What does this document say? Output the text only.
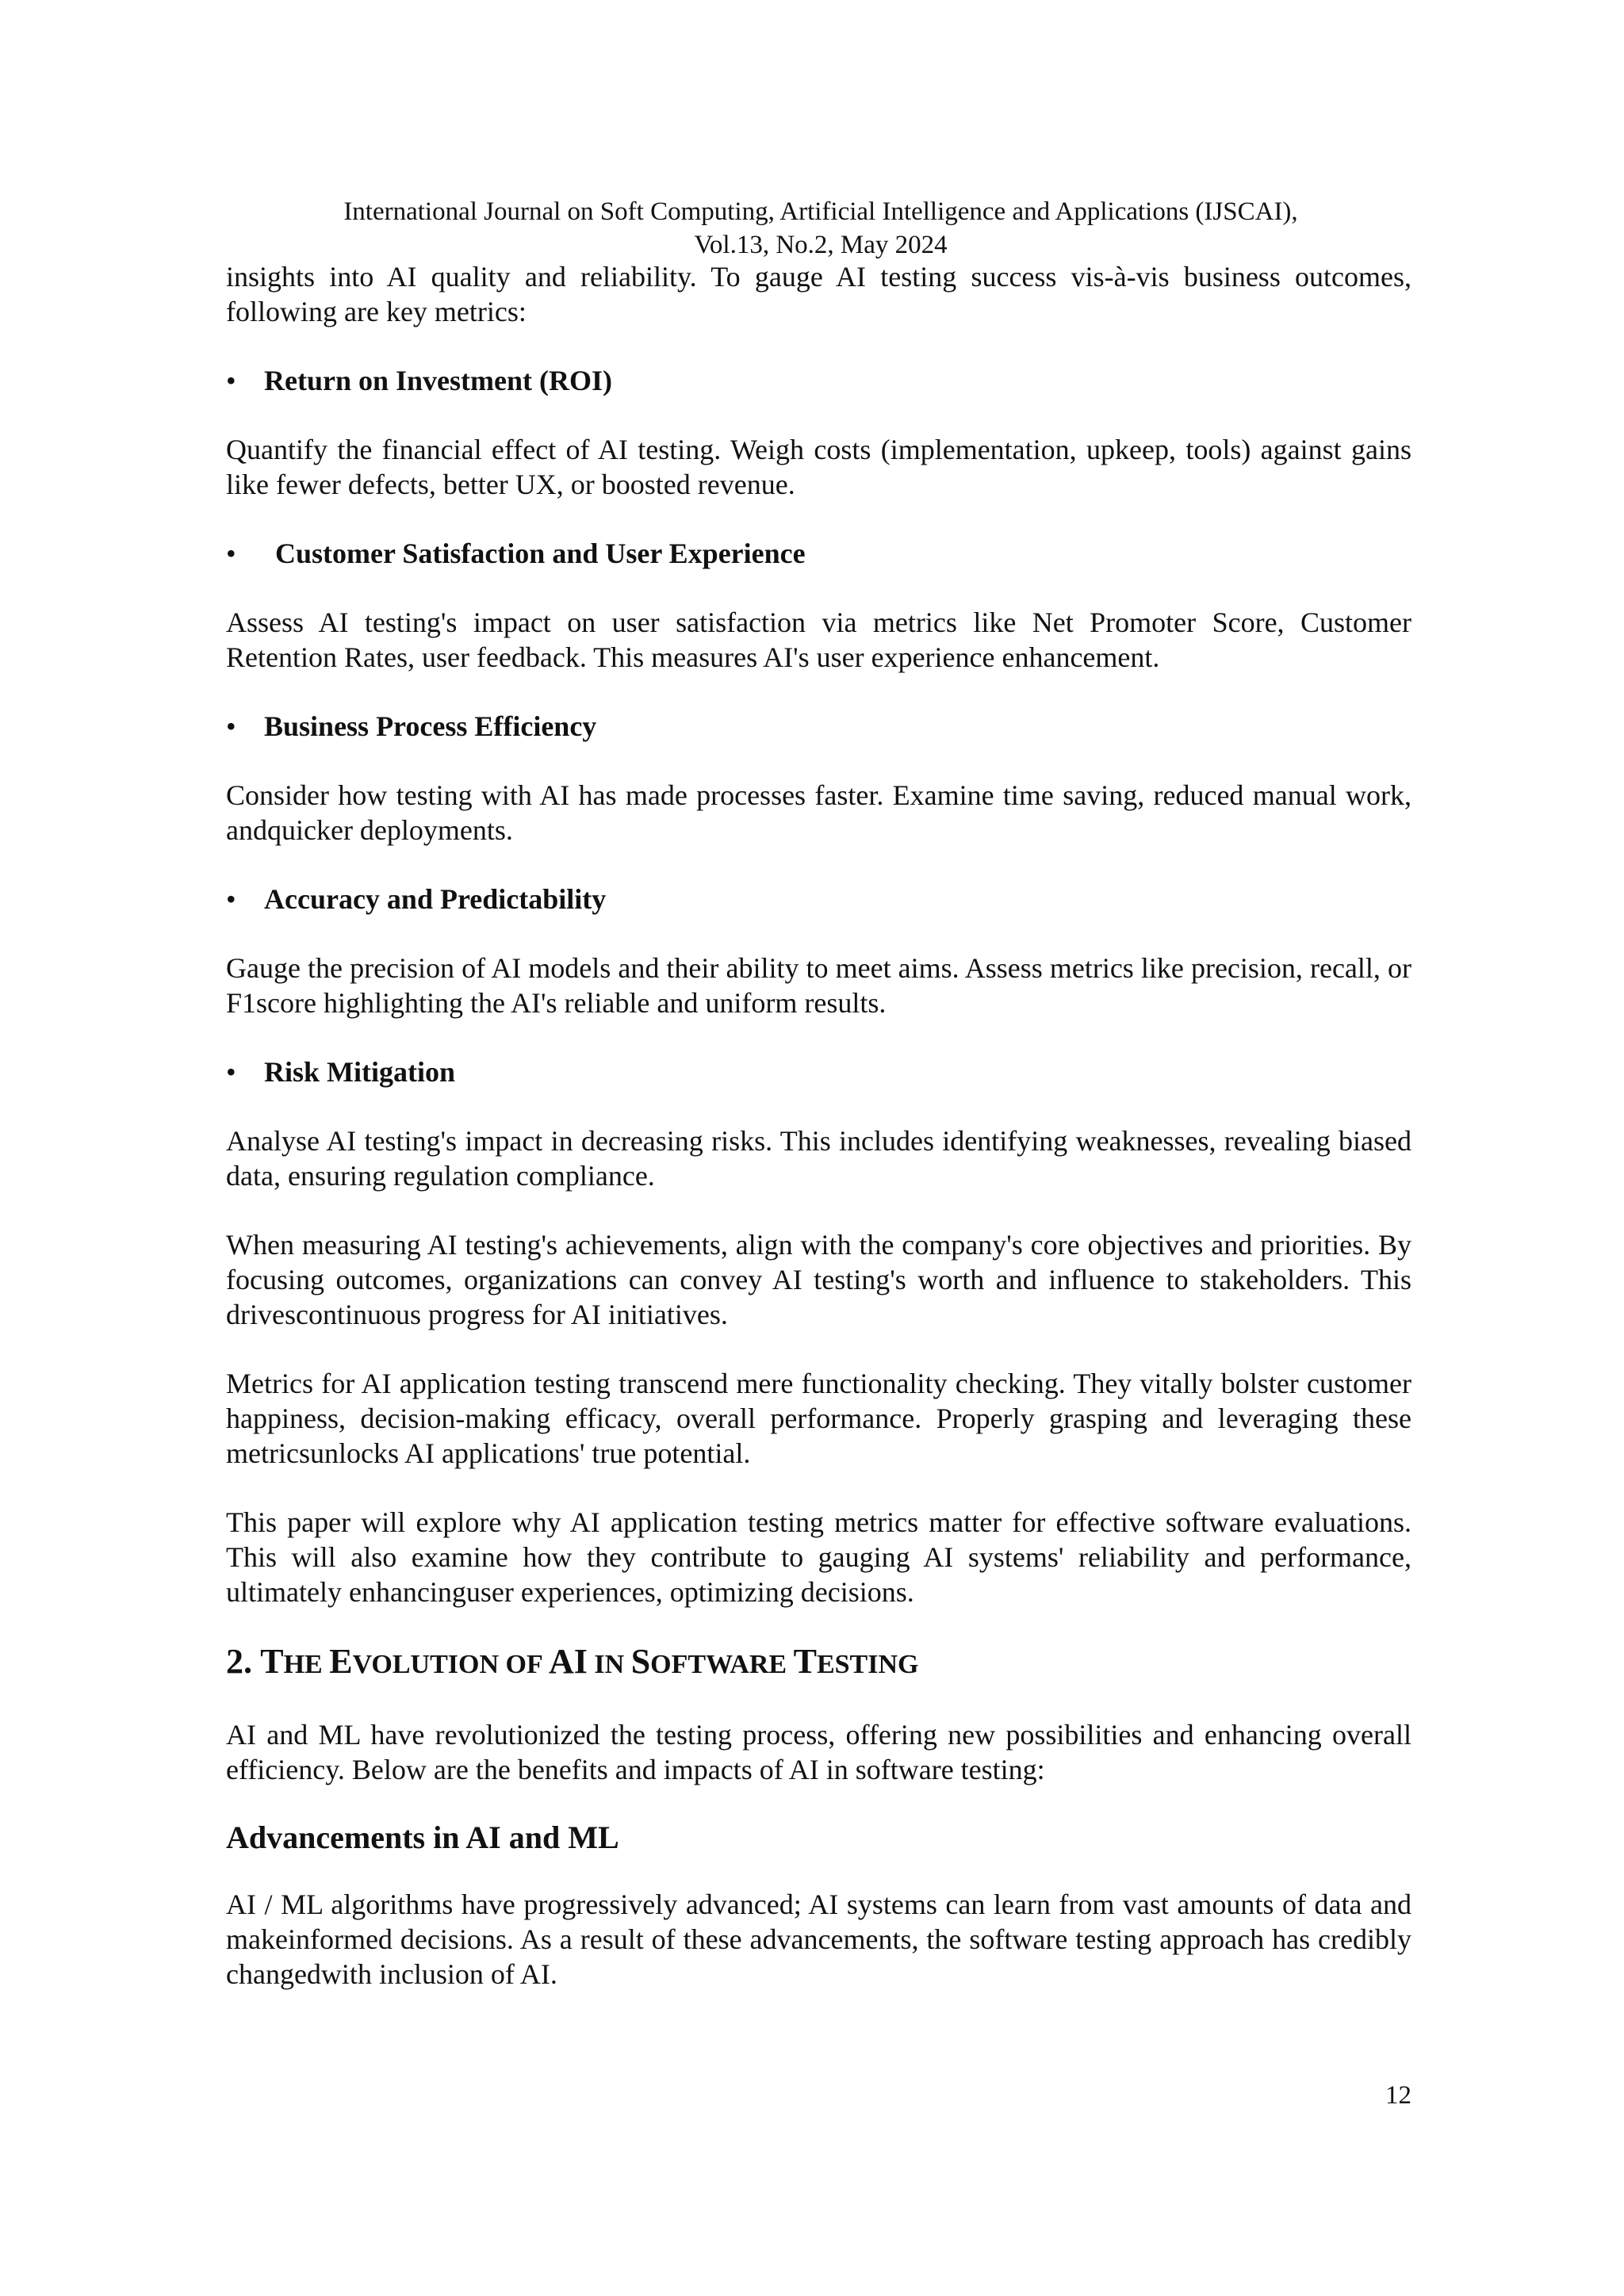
International Journal on Soft Computing, Artificial Intelligence and Applications (IJSCAI),
Vol.13, No.2, May 2024

insights into AI quality and reliability. To gauge AI testing success vis-à-vis business outcomes, following are key metrics:

• Return on Investment (ROI)

Quantify the financial effect of AI testing. Weigh costs (implementation, upkeep, tools) against gains like fewer defects, better UX, or boosted revenue.

•	Customer Satisfaction and User Experience

Assess AI testing's impact on user satisfaction via metrics like Net Promoter Score, Customer Retention Rates, user feedback. This measures AI's user experience enhancement.

• Business Process Efficiency

Consider how testing with AI has made processes faster. Examine time saving, reduced manual work, andquicker deployments.

• Accuracy and Predictability

Gauge the precision of AI models and their ability to meet aims. Assess metrics like precision, recall, or F1score highlighting the AI's reliable and uniform results.

• Risk Mitigation

Analyse AI testing's impact in decreasing risks. This includes identifying weaknesses, revealing biased data, ensuring regulation compliance.

When measuring AI testing's achievements, align with the company's core objectives and priorities. By focusing outcomes, organizations can convey AI testing's worth and influence to stakeholders. This drivescontinuous progress for AI initiatives.

Metrics for AI application testing transcend mere functionality checking. They vitally bolster customer happiness, decision-making efficacy, overall performance. Properly grasping and leveraging these metricsunlocks AI applications' true potential.

This paper will explore why AI application testing metrics matter for effective software evaluations. This will also examine how they contribute to gauging AI systems' reliability and performance, ultimately enhancinguser experiences, optimizing decisions.

2. THE EVOLUTION OF AI IN SOFTWARE TESTING

AI and ML have revolutionized the testing process, offering new possibilities and enhancing overall efficiency. Below are the benefits and impacts of AI in software testing:

Advancements in AI and ML

AI / ML algorithms have progressively advanced; AI systems can learn from vast amounts of data and makeinformed decisions. As a result of these advancements, the software testing approach has credibly changedwith inclusion of AI.

12
